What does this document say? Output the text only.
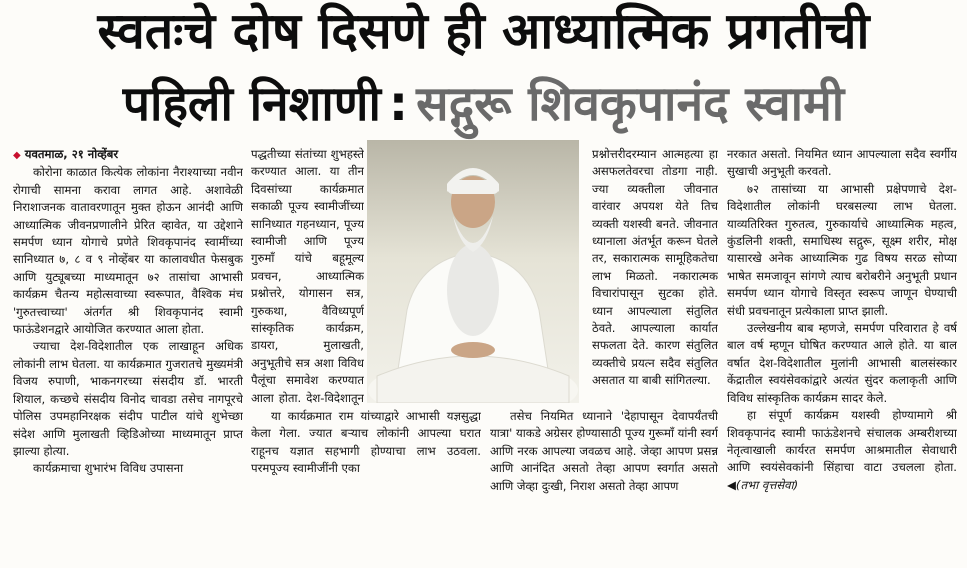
स्वतःचे दोष दिसणे ही आध्यात्मिक प्रगतीची
पहिली निशाणी : सद्गुरू शिवकृपानंद स्वामी
◆ यवतमाळ, २१ नोव्हेंबर

कोरोना काळात कित्येक लोकांना नैराश्याच्या नवीन रोगाची सामना करावा लागत आहे. अशावेळी निराशाजनक वातावरणातून मुक्त होऊन आनंदी आणि आध्यात्मिक जीवनप्रणालीने प्रेरित व्हावेत, या उद्देशाने समर्पण ध्यान योगाचे प्रणेते शिवकृपानंद स्वामींच्या सानिध्यात ७, ८ व ९ नोव्हेंबर या कालावधीत फेसबुक आणि युट्यूबच्या माध्यमातून ७२ तासांचा आभासी कार्यक्रम चैतन्य महोत्सवाच्या स्वरूपात, वैश्विक मंच 'गुरुतत्त्वाच्या' अंतर्गत श्री शिवकृपानंद स्वामी फाऊंडेशनद्वारे आयोजित करण्यात आला होता.

ज्याचा देश-विदेशातील एक लाखाहून अधिक लोकांनी लाभ घेतला. या कार्यक्रमात गुजरातचे मुख्यमंत्री विजय रुपाणी, भाकनगरच्या संसदीय डॉ. भारती शियाल, कच्छचे संसदीय विनोद चावडा तसेच नागपूरचे पोलिस उपमहानिरक्षक संदीप पाटील यांचे शुभेच्छा संदेश आणि मुलाखती व्हिडिओच्या माध्यमातून प्राप्त झाल्या होत्या.

कार्यक्रमाचा शुभारंभ विविध उपासना

पद्धतीच्या संतांच्या शुभहस्ते करण्यात आला. या तीन दिवसांच्या कार्यक्रमात सकाळी पूज्य स्वामीजींच्या सानिध्यात गहनध्यान, पूज्य स्वामीजी आणि पूज्य गुरुमाँ यांचे बहूमूल्य प्रवचन, आध्यात्मिक प्रश्नोत्तरे, योगासन सत्र, गुरुकथा, वैविध्यपूर्ण सांस्कृतिक कार्यक्रम, डायरा, मुलाखती, अनुभूतीचे सत्र अशा विविध पैलूंचा समावेश करण्यात आला होता. देश-विदेशातून

या कार्यक्रमात राम यांच्याद्वारे आभासी यज्ञसुद्धा केला गेला. ज्यात बऱ्याच लोकांनी आपल्या घरात राहूनच यज्ञात सहभागी होण्याचा लाभ उठवला. परमपूज्य स्वामीजींनी एका

प्रश्नोत्तरीदरम्यान आत्महत्या हा असफलतेवरचा तोडगा नाही. ज्या व्यक्तीला जीवनात वारंवार अपयश येते तिच व्यक्ती यशस्वी बनते. जीवनात ध्यानाला अंतर्भूत करून घेतले तर, सकारात्मक सामूहिकतेचा लाभ मिळतो. नकारात्मक विचारांपासून सुटका होते. ध्यान आपल्याला संतुलित ठेवते. आपल्याला कार्यात सफलता देते. कारण संतुलित व्यक्तीचे प्रयत्न सदैव संतुलित असतात या बाबी सांगितल्या.

तसेच नियमित ध्यानाने 'देहापासून देवापर्यंतची यात्रा' याकडे अग्रेसर होण्यासाठी पूज्य गुरूमाँ यांनी स्वर्ग आणि नरक आपल्या जवळच आहे. जेव्हा आपण प्रसन्न आणि आनंदित असतो तेव्हा आपण स्वर्गात असतो आणि जेव्हा दुःखी, निराश असतो तेव्हा आपण

नरकात असतो. नियमित ध्यान आपल्याला सदैव स्वर्गीय सुखाची अनुभूती करवतो.

७२ तासांच्या या आभासी प्रक्षेपणाचे देश-विदेशातील लोकांनी घरबसल्या लाभ घेतला. याव्यतिरिक्त गुरुतत्व, गुरुकार्याचे आध्यात्मिक महत्व, कुंडलिनी शक्ती, समाधिस्थ सद्गुरू, सूक्ष्म शरीर, मोक्ष यासारखे अनेक आध्यात्मिक गुढ विषय सरळ सोप्या भाषेत समजावून सांगणे त्याच बरोबरीने अनुभूती प्रधान समर्पण ध्यान योगाचे विस्तृत स्वरूप जाणून घेण्याची संधी प्रवचनातून प्रत्येकाला प्राप्त झाली.

उल्लेखनीय बाब म्हणजे, समर्पण परिवारात हे वर्ष बाल वर्ष म्हणून घोषित करण्यात आले होते. या बाल वर्षात देश-विदेशातील मुलांनी आभासी बालसंस्कार केंद्रातील स्वयंसेवकांद्वारे अत्यंत सुंदर कलाकृती आणि विविध सांस्कृतिक कार्यक्रम सादर केले.

हा संपूर्ण कार्यक्रम यशस्वी होण्यामागे श्री शिवकृपानंद स्वामी फाऊंडेशनचे संचालक अम्बरीशच्या नेतृत्वाखाली कार्यरत समर्पण आश्रमातील सेवाधारी आणि स्वयंसेवकांनी सिंहाचा वाटा उचलला होता. ◀(तभा वृत्तसेवा)
